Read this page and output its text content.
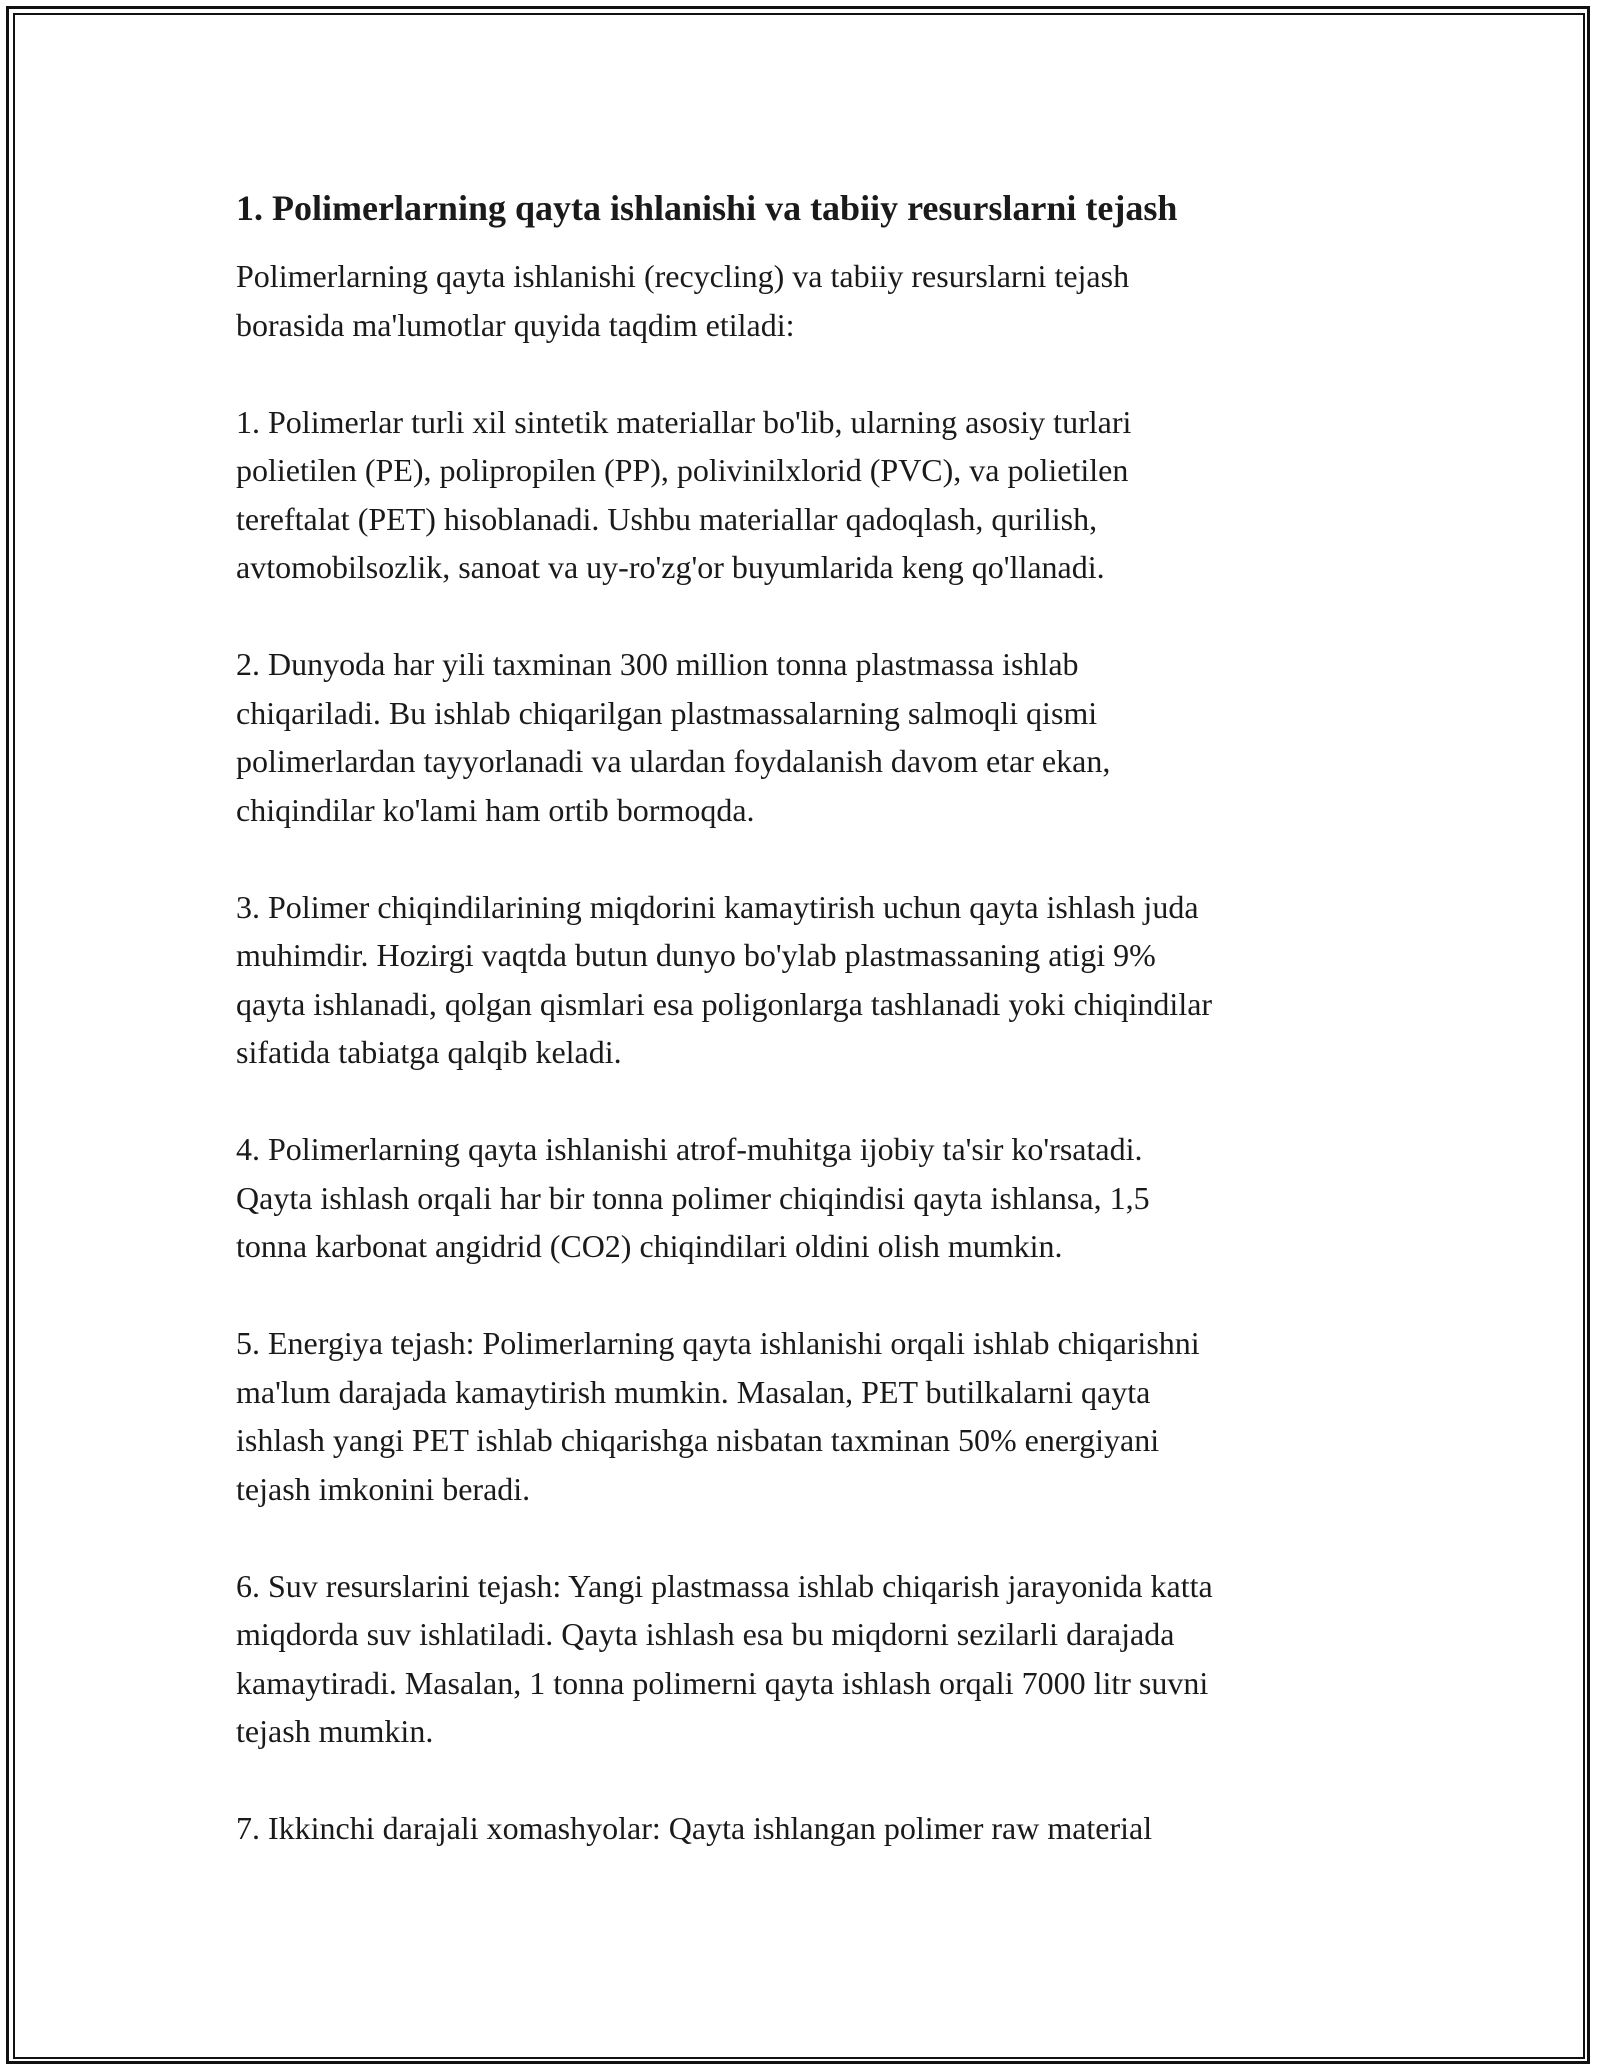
1. Polimerlarning qayta ishlanishi va tabiiy resurslarni tejash

Polimerlarning qayta ishlanishi (recycling) va tabiiy resurslarni tejash
borasida ma'lumotlar quyida taqdim etiladi:

1. Polimerlar turli xil sintetik materiallar bo'lib, ularning asosiy turlari
polietilen (PE), polipropilen (PP), polivinilxlorid (PVC), va polietilen
tereftalat (PET) hisoblanadi. Ushbu materiallar qadoqlash, qurilish,
avtomobilsozlik, sanoat va uy-ro'zg'or buyumlarida keng qo'llanadi.

2. Dunyoda har yili taxminan 300 million tonna plastmassa ishlab
chiqariladi. Bu ishlab chiqarilgan plastmassalarning salmoqli qismi
polimerlardan tayyorlanadi va ulardan foydalanish davom etar ekan,
chiqindilar ko'lami ham ortib bormoqda.

3. Polimer chiqindilarining miqdorini kamaytirish uchun qayta ishlash juda
muhimdir. Hozirgi vaqtda butun dunyo bo'ylab plastmassaning atigi 9%
qayta ishlanadi, qolgan qismlari esa poligonlarga tashlanadi yoki chiqindilar
sifatida tabiatga qalqib keladi.

4. Polimerlarning qayta ishlanishi atrof-muhitga ijobiy ta'sir ko'rsatadi.
Qayta ishlash orqali har bir tonna polimer chiqindisi qayta ishlansa, 1,5
tonna karbonat angidrid (CO2) chiqindilari oldini olish mumkin.

5. Energiya tejash: Polimerlarning qayta ishlanishi orqali ishlab chiqarishni
ma'lum darajada kamaytirish mumkin. Masalan, PET butilkalarni qayta
ishlash yangi PET ishlab chiqarishga nisbatan taxminan 50% energiyani
tejash imkonini beradi.

6. Suv resurslarini tejash: Yangi plastmassa ishlab chiqarish jarayonida katta
miqdorda suv ishlatiladi. Qayta ishlash esa bu miqdorni sezilarli darajada
kamaytiradi. Masalan, 1 tonna polimerni qayta ishlash orqali 7000 litr suvni
tejash mumkin.

7. Ikkinchi darajali xomashyolar: Qayta ishlangan polimer raw material
